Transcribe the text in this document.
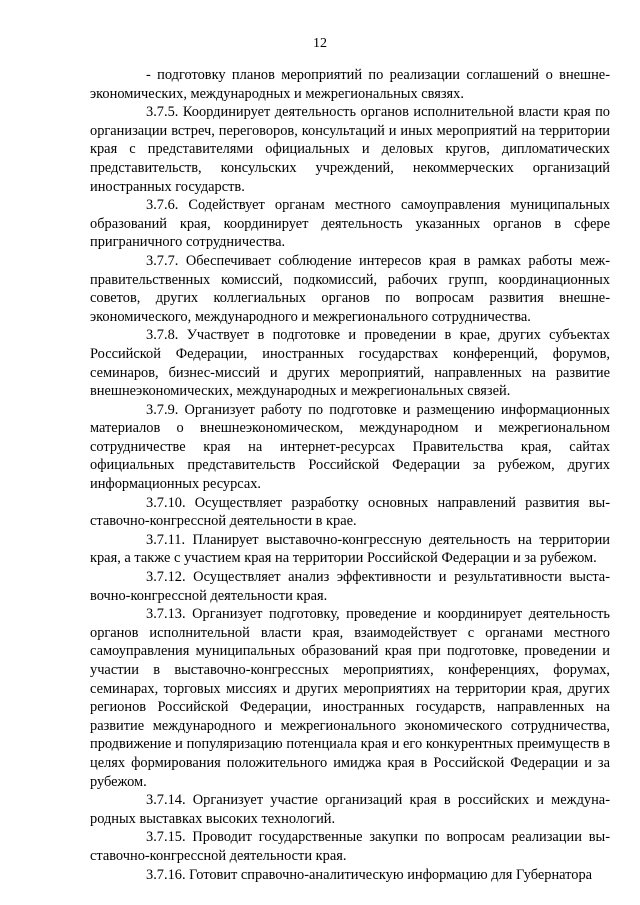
12

- подготовку планов мероприятий по реализации соглашений о внешнеэкономических, международных и межрегиональных связях.

3.7.5. Координирует деятельность органов исполнительной власти края по организации встреч, переговоров, консультаций и иных мероприятий на территории края с представителями официальных и деловых кругов, дипломатических представительств, консульских учреждений, некоммерческих организаций иностранных государств.

3.7.6. Содействует органам местного самоуправления муниципальных образований края, координирует деятельность указанных органов в сфере приграничного сотрудничества.

3.7.7. Обеспечивает соблюдение интересов края в рамках работы межправительственных комиссий, подкомиссий, рабочих групп, координационных советов, других коллегиальных органов по вопросам развития внешнеэкономического, международного и межрегионального сотрудничества.

3.7.8. Участвует в подготовке и проведении в крае, других субъектах Российской Федерации, иностранных государствах конференций, форумов, семинаров, бизнес-миссий и других мероприятий, направленных на развитие внешнеэкономических, международных и межрегиональных связей.

3.7.9. Организует работу по подготовке и размещению информационных материалов о внешнеэкономическом, международном и межрегиональном сотрудничестве края на интернет-ресурсах Правительства края, сайтах официальных представительств Российской Федерации за рубежом, других информационных ресурсах.

3.7.10. Осуществляет разработку основных направлений развития выставочно-конгрессной деятельности в крае.

3.7.11. Планирует выставочно-конгрессную деятельность на территории края, а также с участием края на территории Российской Федерации и за рубежом.

3.7.12. Осуществляет анализ эффективности и результативности выставочно-конгрессной деятельности края.

3.7.13. Организует подготовку, проведение и координирует деятельность органов исполнительной власти края, взаимодействует с органами местного самоуправления муниципальных образований края при подготовке, проведении и участии в выставочно-конгрессных мероприятиях, конференциях, форумах, семинарах, торговых миссиях и других мероприятиях на территории края, других регионов Российской Федерации, иностранных государств, направленных на развитие международного и межрегионального экономического сотрудничества, продвижение и популяризацию потенциала края и его конкурентных преимуществ в целях формирования положительного имиджа края в Российской Федерации и за рубежом.

3.7.14. Организует участие организаций края в российских и международных выставках высоких технологий.

3.7.15. Проводит государственные закупки по вопросам реализации выставочно-конгрессной деятельности края.

3.7.16. Готовит справочно-аналитическую информацию для Губернатора
